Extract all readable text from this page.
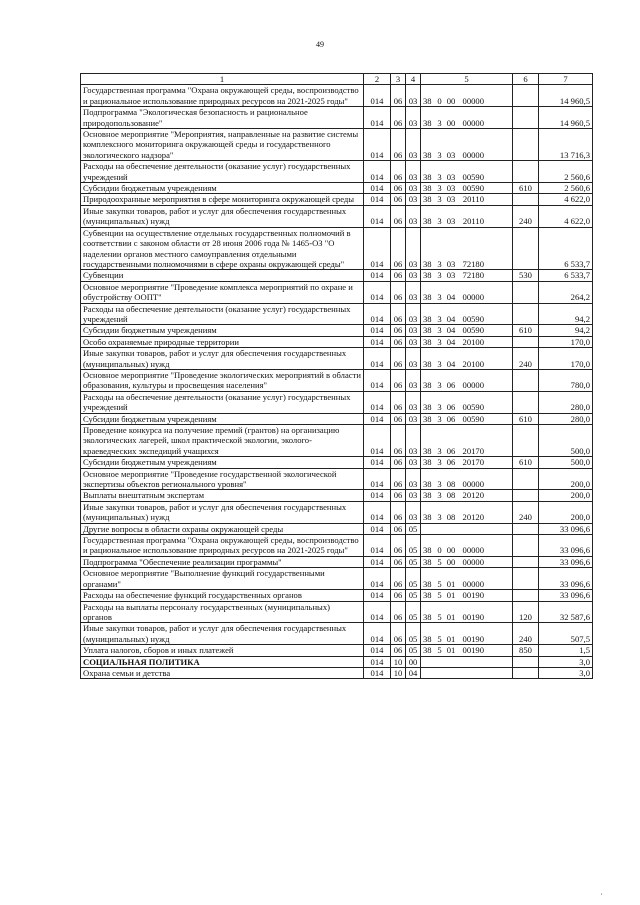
49
1	2	3	4	5	6	7
Государственная программа "Охрана окружающей среды, воспроизводство и рациональное использование природных ресурсов на 2021-2025 годы"	014	06	03	38 0 00 00000		14 960,5
Подпрограмма "Экологическая безопасность и рациональное природопользование"	014	06	03	38 3 00 00000		14 960,5
Основное мероприятие "Мероприятия, направленные на развитие системы комплексного мониторинга окружающей среды и государственного экологического надзора"	014	06	03	38 3 03 00000		13 716,3
Расходы на обеспечение деятельности (оказание услуг) государственных учреждений	014	06	03	38 3 03 00590		2 560,6
Субсидии бюджетным учреждениям	014	06	03	38 3 03 00590	610	2 560,6
Природоохранные мероприятия в сфере мониторинга окружающей среды	014	06	03	38 3 03 20110		4 622,0
Иные закупки товаров, работ и услуг для обеспечения государственных (муниципальных) нужд	014	06	03	38 3 03 20110	240	4 622,0
Субвенции на осуществление отдельных государственных полномочий в соответствии с законом области от 28 июня 2006 года № 1465-ОЗ "О наделении органов местного самоуправления отдельными государственными полномочиями в сфере охраны окружающей среды"	014	06	03	38 3 03 72180		6 533,7
Субвенции	014	06	03	38 3 03 72180	530	6 533,7
Основное мероприятие "Проведение комплекса мероприятий по охране и обустройству ООПТ"	014	06	03	38 3 04 00000		264,2
Расходы на обеспечение деятельности (оказание услуг) государственных учреждений	014	06	03	38 3 04 00590		94,2
Субсидии бюджетным учреждениям	014	06	03	38 3 04 00590	610	94,2
Особо охраняемые природные территории	014	06	03	38 3 04 20100		170,0
Иные закупки товаров, работ и услуг для обеспечения государственных (муниципальных) нужд	014	06	03	38 3 04 20100	240	170,0
Основное мероприятие "Проведение экологических мероприятий в области образования, культуры и просвещения населения"	014	06	03	38 3 06 00000		780,0
Расходы на обеспечение деятельности (оказание услуг) государственных учреждений	014	06	03	38 3 06 00590		280,0
Субсидии бюджетным учреждениям	014	06	03	38 3 06 00590	610	280,0
Проведение конкурса на получение премий (грантов) на организацию экологических лагерей, школ практической экологии, эколого-краеведческих экспедиций учащихся	014	06	03	38 3 06 20170		500,0
Субсидии бюджетным учреждениям	014	06	03	38 3 06 20170	610	500,0
Основное мероприятие "Проведение государственной экологической экспертизы объектов регионального уровня"	014	06	03	38 3 08 00000		200,0
Выплаты внештатным экспертам	014	06	03	38 3 08 20120		200,0
Иные закупки товаров, работ и услуг для обеспечения государственных (муниципальных) нужд	014	06	03	38 3 08 20120	240	200,0
Другие вопросы в области охраны окружающей среды	014	06	05			33 096,6
Государственная программа "Охрана окружающей среды, воспроизводство и рациональное использование природных ресурсов на 2021-2025 годы"	014	06	05	38 0 00 00000		33 096,6
Подпрограмма "Обеспечение реализации программы"	014	06	05	38 5 00 00000		33 096,6
Основное мероприятие "Выполнение функций государственными органами"	014	06	05	38 5 01 00000		33 096,6
Расходы на обеспечение функций государственных органов	014	06	05	38 5 01 00190		33 096,6
Расходы на выплаты персоналу государственных (муниципальных) органов	014	06	05	38 5 01 00190	120	32 587,6
Иные закупки товаров, работ и услуг для обеспечения государственных (муниципальных) нужд	014	06	05	38 5 01 00190	240	507,5
Уплата налогов, сборов и иных платежей	014	06	05	38 5 01 00190	850	1,5
СОЦИАЛЬНАЯ ПОЛИТИКА	014	10	00			3,0
Охрана семьи и детства	014	10	04			3,0
,
